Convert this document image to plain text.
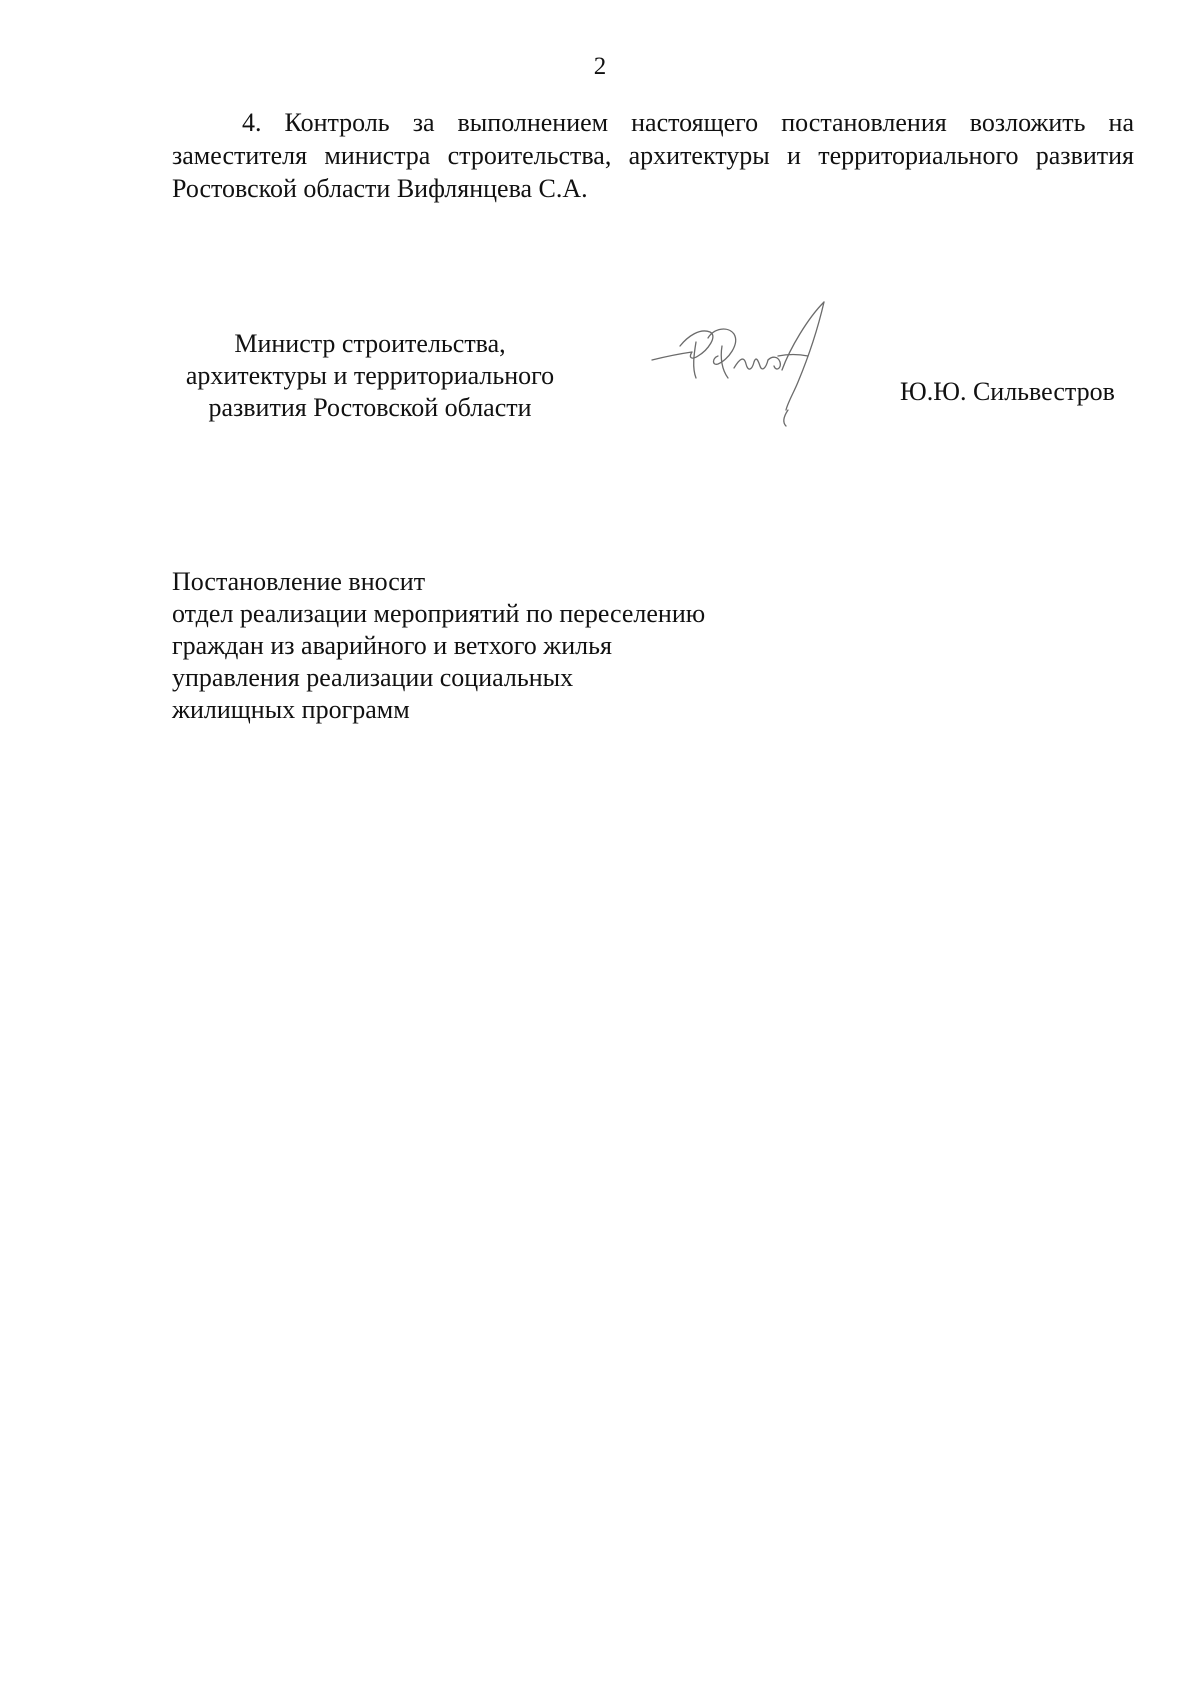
2

4. Контроль за выполнением настоящего постановления возложить на заместителя министра строительства, архитектуры и территориального развития Ростовской области Вифлянцева С.А.

Министр строительства,
архитектуры и территориального
развития Ростовской области
Ю.Ю. Сильвестров
Постановление вносит
отдел реализации мероприятий по переселению
граждан из аварийного и ветхого жилья
управления реализации социальных
жилищных программ
